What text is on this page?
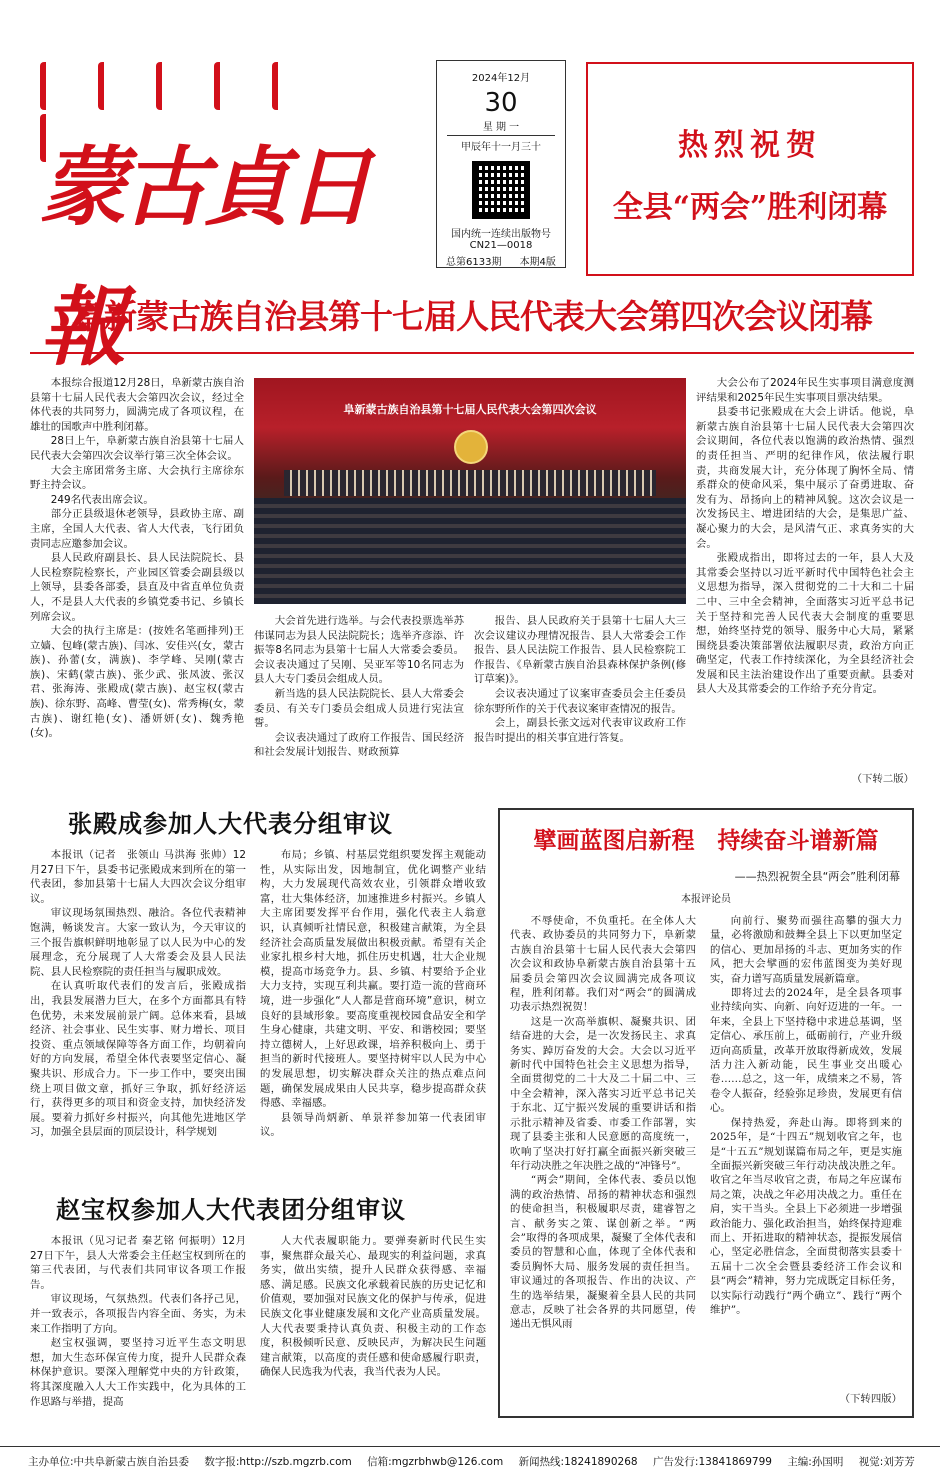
蒙古貞日報
2024年12月
30
星 期 一
甲辰年十一月三十
国内统一连续出版物号
CN21—0018
总第6133期 本期4版
热烈祝贺
全县“两会”胜利闭幕
阜新蒙古族自治县第十七届人民代表大会第四次会议闭幕

本报综合报道12月28日，阜新蒙古族自治县第十七届人民代表大会第四次会议，经过全体代表的共同努力，圆满完成了各项议程，在雄壮的国歌声中胜利闭幕。

28日上午，阜新蒙古族自治县第十七届人民代表大会第四次会议举行第三次全体会议。

大会主席团常务主席、大会执行主席徐东野主持会议。

249名代表出席会议。

部分正县级退休老领导，县政协主席、副主席，全国人大代表、省人大代表，飞行团负责同志应邀参加会议。

县人民政府副县长、县人民法院院长、县人民检察院检察长，产业园区管委会副县级以上领导，县委各部委，县直及中省直单位负责人，不是县人大代表的乡镇党委书记、乡镇长列席会议。

大会的执行主席是：(按姓名笔画排列)王立嫱、包峰(蒙古族)、闫冰、安佳兴(女，蒙古族)、孙蕾(女，满族)、李学峰、吴刚(蒙古族)、宋鹤(蒙古族)、张少武、张凤波、张汉君、张海涛、张殿成(蒙古族)、赵宝权(蒙古族)、徐东野、高峰、曹莹(女)、常秀梅(女，蒙古族)、谢红艳(女)、潘妍妍(女)、魏秀艳(女)。

阜新蒙古族自治县第十七届人民代表大会第四次会议

大会首先进行选举。与会代表投票选举苏伟谋同志为县人民法院院长；选举齐彦添、许振等8名同志为县第十七届人大常委会委员。会议表决通过了吴刚、吴亚军等10名同志为县人大专门委员会组成人员。

新当选的县人民法院院长、县人大常委会委员、有关专门委员会组成人员进行宪法宣誓。

会议表决通过了政府工作报告、国民经济和社会发展计划报告、财政预算

报告、县人民政府关于县第十七届人大三次会议建议办理情况报告、县人大常委会工作报告、县人民法院工作报告、县人民检察院工作报告、《阜新蒙古族自治县森林保护条例(修订草案)》。

会议表决通过了议案审查委员会主任委员徐东野所作的关于代表议案审查情况的报告。

会上，副县长张文远对代表审议政府工作报告时提出的相关事宜进行答复。

大会公布了2024年民生实事项目满意度测评结果和2025年民生实事项目票决结果。

县委书记张殿成在大会上讲话。他说，阜新蒙古族自治县第十七届人民代表大会第四次会议期间，各位代表以饱满的政治热情、强烈的责任担当、严明的纪律作风，依法履行职责，共商发展大计，充分体现了胸怀全局、情系群众的使命风采，集中展示了奋勇进取、奋发有为、昂扬向上的精神风貌。这次会议是一次发扬民主、增进团结的大会，是集思广益、凝心聚力的大会，是风清气正、求真务实的大会。

张殿成指出，即将过去的一年，县人大及其常委会坚持以习近平新时代中国特色社会主义思想为指导，深入贯彻党的二十大和二十届二中、三中全会精神，全面落实习近平总书记关于坚持和完善人民代表大会制度的重要思想，始终坚持党的领导、服务中心大局，紧紧围绕县委决策部署依法履职尽责，政治方向正确坚定，代表工作持续深化，为全县经济社会发展和民主法治建设作出了重要贡献。县委对县人大及其常委会的工作给予充分肯定。

（下转二版）
张殿成参加人大代表分组审议

本报讯（记者　张领山 马洪海 张帅）12月27日下午，县委书记张殿成来到所在的第一代表团，参加县第十七届人大四次会议分组审议。

审议现场氛围热烈、融洽。各位代表精神饱满，畅谈发言。大家一致认为，今天审议的三个报告旗帜鲜明地彰显了以人民为中心的发展理念，充分展现了人大常委会及县人民法院、县人民检察院的责任担当与履职成效。

在认真听取代表们的发言后，张殿成指出，我县发展潜力巨大，在多个方面都具有特色优势，未来发展前景广阔。总体来看，县域经济、社会事业、民生实事、财力增长、项目投资、重点领域保障等各方面工作，均朝着向好的方向发展，希望全体代表要坚定信心、凝聚共识、形成合力。下一步工作中，要突出围绕上项目做文章，抓好三争取，抓好经济运行，获得更多的项目和资金支持，加快经济发展。要着力抓好乡村振兴，向其他先进地区学习，加强全县层面的顶层设计，科学规划

布局；乡镇、村基层党组织要发挥主观能动性，从实际出发，因地制宜，优化调整产业结构，大力发展现代高效农业，引领群众增收致富，壮大集体经济，加速推进乡村振兴。乡镇人大主席团要发挥平台作用，强化代表主人翁意识，认真倾听社情民意，积极建言献策，为全县经济社会高质量发展做出积极贡献。希望有关企业家扎根乡村大地，抓住历史机遇，壮大企业规模，提高市场竞争力。县、乡镇、村要给予企业大力支持，实现互利共赢。要打造一流的营商环境，进一步强化“人人都是营商环境”意识，树立良好的县域形象。要高度重视校园食品安全和学生身心健康，共建文明、平安、和谐校园；要坚持立德树人，上好思政课，培养积极向上、勇于担当的新时代接班人。要坚持树牢以人民为中心的发展思想，切实解决群众关注的热点难点问题，确保发展成果由人民共享，稳步提高群众获得感、幸福感。

县领导尚炳新、单景祥参加第一代表团审议。

赵宝权参加人大代表团分组审议

本报讯（见习记者 秦艺铭 何振明）12月27日下午，县人大常委会主任赵宝权到所在的第三代表团，与代表们共同审议各项工作报告。

审议现场，气氛热烈。代表们各抒己见，并一致表示，各项报告内容全面、务实，为未来工作指明了方向。

赵宝权强调，要坚持习近平生态文明思想，加大生态环保宣传力度，提升人民群众森林保护意识。要深入理解党中央的方针政策，将其深度融入人大工作实践中，化为具体的工作思路与举措，提高

人大代表履职能力。要弹奏新时代民生实事，聚焦群众最关心、最现实的利益问题，求真务实，做出实绩，提升人民群众获得感、幸福感、满足感。民族文化承载着民族的历史记忆和价值观，要加强对民族文化的保护与传承，促进民族文化事业健康发展和文化产业高质量发展。人大代表要秉持认真负责、积极主动的工作态度，积极倾听民意、反映民声，为解决民生问题建言献策，以高度的责任感和使命感履行职责，确保人民选我为代表，我当代表为人民。

擘画蓝图启新程　持续奋斗谱新篇
——热烈祝贺全县“两会”胜利闭幕
本报评论员

不辱使命，不负重托。在全体人大代表、政协委员的共同努力下，阜新蒙古族自治县第十七届人民代表大会第四次会议和政协阜新蒙古族自治县第十五届委员会第四次会议圆满完成各项议程，胜利闭幕。我们对“两会”的圆满成功表示热烈祝贺！

这是一次高举旗帜、凝聚共识、团结奋进的大会，是一次发扬民主、求真务实、踔厉奋发的大会。大会以习近平新时代中国特色社会主义思想为指导，全面贯彻党的二十大及二十届二中、三中全会精神，深入落实习近平总书记关于东北、辽宁振兴发展的重要讲话和指示批示精神及省委、市委工作部署，实现了县委主张和人民意愿的高度统一，吹响了坚决打好打赢全面振兴新突破三年行动决胜之年决胜之战的“冲锋号”。

“两会”期间，全体代表、委员以饱满的政治热情、昂扬的精神状态和强烈的使命担当，积极履职尽责，建睿智之言、献务实之策、谋创新之举。“两会”取得的各项成果，凝聚了全体代表和委员的智慧和心血，体现了全体代表和委员胸怀大局、服务发展的责任担当。审议通过的各项报告、作出的决议、产生的选举结果，凝聚着全县人民的共同意志，反映了社会各界的共同愿望，传递出无惧风雨

向前行、聚势而强往高攀的强大力量，必将激励和鼓舞全县上下以更加坚定的信心、更加昂扬的斗志、更加务实的作风，把大会擘画的宏伟蓝图变为美好现实，奋力谱写高质量发展新篇章。

即将过去的2024年，是全县各项事业持续向实、向新、向好迈进的一年。一年来，全县上下坚持稳中求进总基调，坚定信心、承压前上，砥砺前行，产业升级迈向高质量，改革开放取得新成效，发展活力注入新动能，民生事业交出暖心卷……总之，这一年，成绩来之不易，答卷令人振奋，经验弥足珍贵，发展更有信心。

保持热爱，奔赴山海。即将到来的2025年，是“十四五”规划收官之年，也是“十五五”规划谋篇布局之年，更是实施全面振兴新突破三年行动决战决胜之年。收官之年当尽收官之责，布局之年应谋布局之策，决战之年必用决战之力。重任在肩，实干当头。全县上下必须进一步增强政治能力、强化政治担当，始终保持迎难而上、开拓进取的精神状态，提振发展信心，坚定必胜信念，全面贯彻落实县委十五届十二次全会暨县委经济工作会议和县“两会”精神，努力完成既定目标任务，以实际行动践行“两个确立”、践行“两个维护”。

（下转四版）
主办单位:中共阜新蒙古族自治县委 数字报:http://szb.mgzrb.com 信箱:mgzrbhwb@126.com 新闻热线:18241890268 广告发行:13841869799 主编:孙国明 视觉:刘芳芳
